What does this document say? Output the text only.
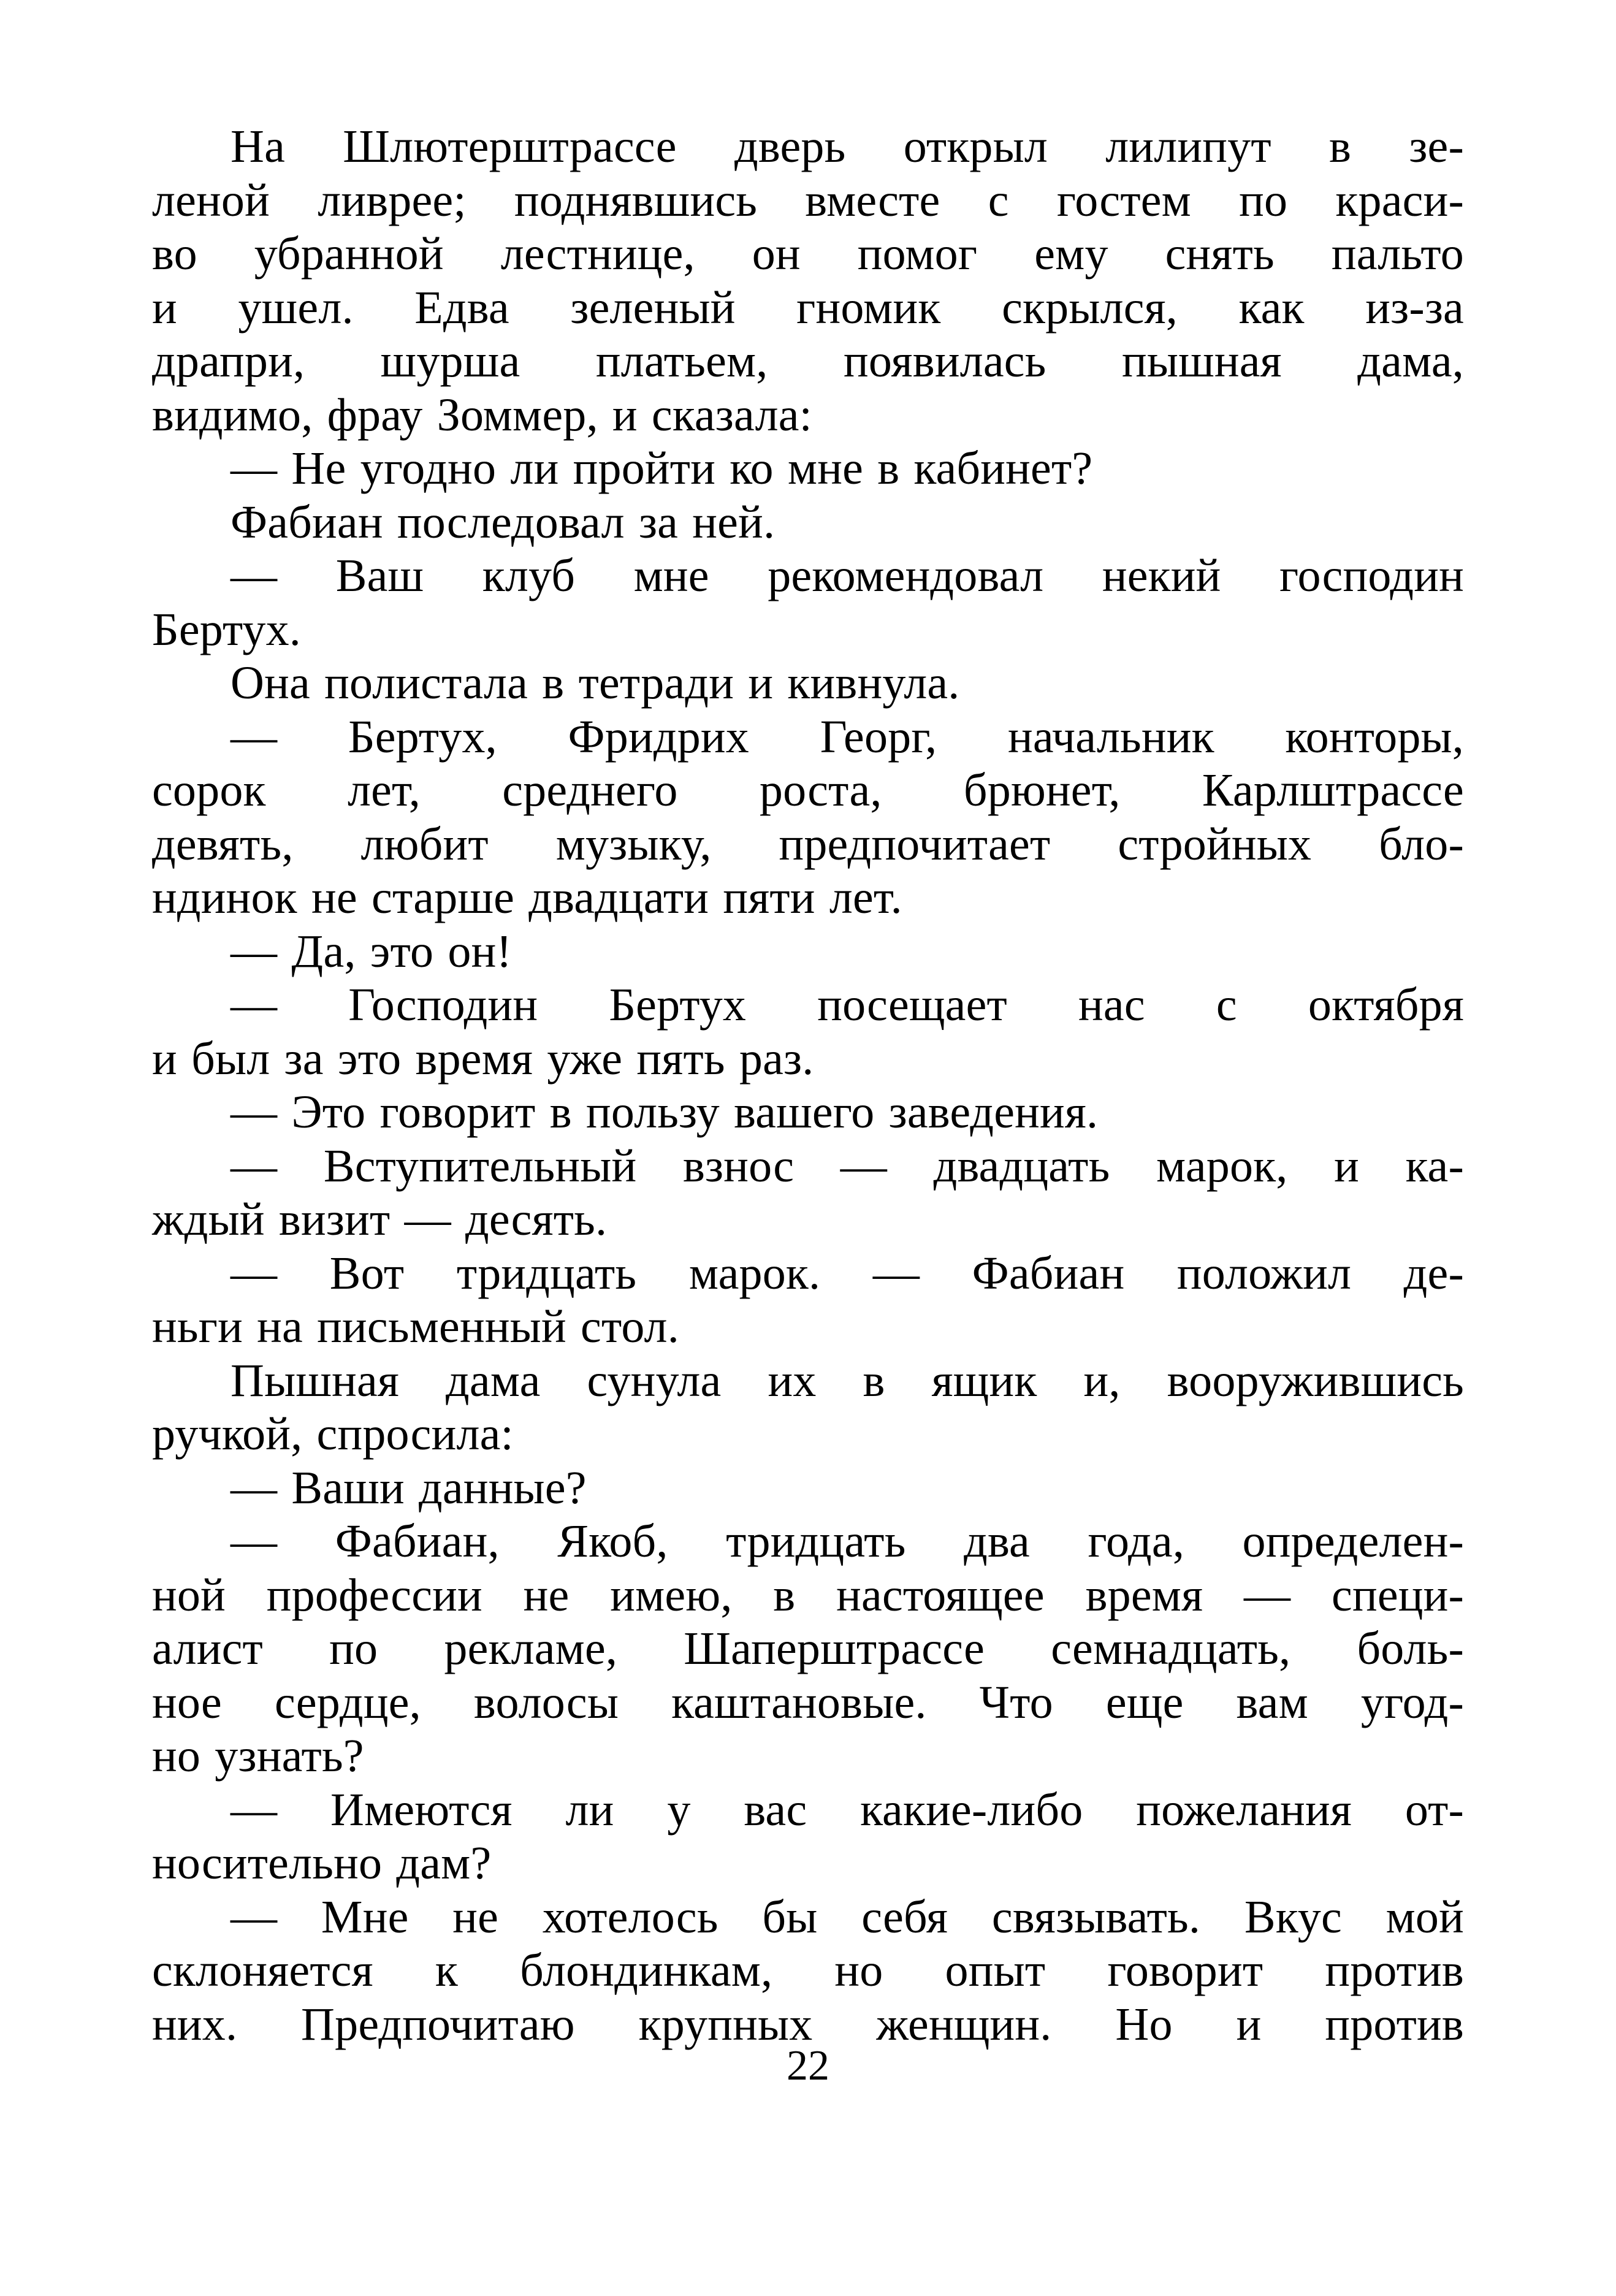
На Шлютерштрассе дверь открыл лилипут в зе-
леной ливрее; поднявшись вместе с гостем по краси-
во убранной лестнице, он помог ему снять пальто
и ушел. Едва зеленый гномик скрылся, как из-за
драпри, шурша платьем, появилась пышная дама,
видимо, фрау Зоммер, и сказала:
— Не угодно ли пройти ко мне в кабинет?
Фабиан последовал за ней.
— Ваш клуб мне рекомендовал некий господин
Бертух.
Она полистала в тетради и кивнула.
— Бертух, Фридрих Георг, начальник конторы,
сорок лет, среднего роста, брюнет, Карлштрассе
девять, любит музыку, предпочитает стройных бло-
ндинок не старше двадцати пяти лет.
— Да, это он!
— Господин Бертух посещает нас с октября
и был за это время уже пять раз.
— Это говорит в пользу вашего заведения.
— Вступительный взнос — двадцать марок, и ка-
ждый визит — десять.
— Вот тридцать марок. — Фабиан положил де-
ньги на письменный стол.
Пышная дама сунула их в ящик и, вооружившись
ручкой, спросила:
— Ваши данные?
— Фабиан, Якоб, тридцать два года, определен-
ной профессии не имею, в настоящее время — специ-
алист по рекламе, Шаперштрассе семнадцать, боль-
ное сердце, волосы каштановые. Что еще вам угод-
но узнать?
— Имеются ли у вас какие-либо пожелания от-
носительно дам?
— Мне не хотелось бы себя связывать. Вкус мой
склоняется к блондинкам, но опыт говорит против
них. Предпочитаю крупных женщин. Но и против
22
